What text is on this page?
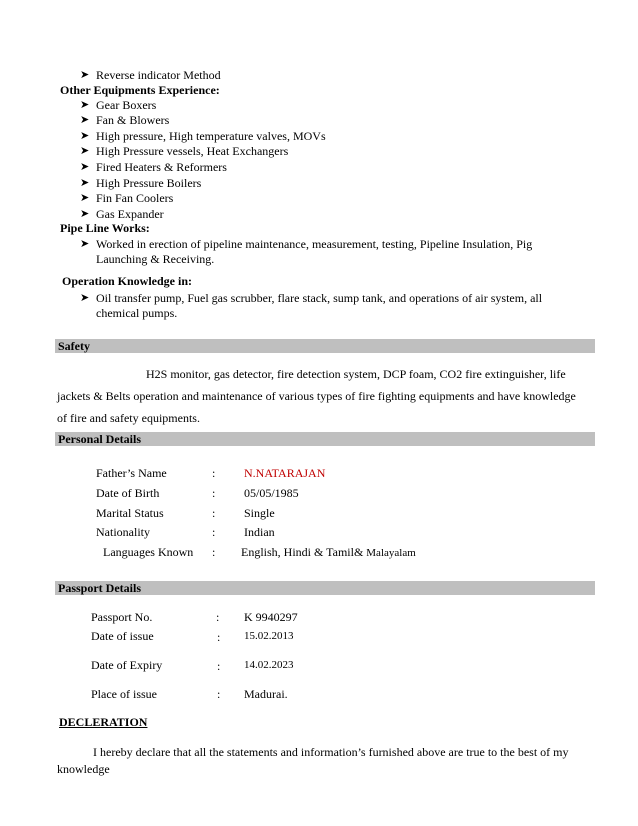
➤ Reverse indicator Method
Other Equipments Experience:
➤ Gear Boxers
➤ Fan & Blowers
➤ High pressure, High temperature valves, MOVs
➤ High Pressure vessels, Heat Exchangers
➤ Fired Heaters & Reformers
➤ High Pressure Boilers
➤ Fin Fan Coolers
➤ Gas Expander
Pipe Line Works:
➤ Worked in erection of pipeline maintenance, measurement, testing, Pipeline Insulation, Pig
Launching & Receiving.
Operation Knowledge in:
➤ Oil transfer pump, Fuel gas scrubber, flare stack, sump tank, and operations of air system, all
chemical pumps.
Safety
H2S monitor, gas detector, fire detection system, DCP foam, CO2 fire extinguisher, life
jackets & Belts operation and maintenance of various types of fire fighting equipments and have knowledge
of fire and safety equipments.
Personal Details
Father’s Name	: N.NATARAJAN
Date of Birth	: 05/05/1985
Marital Status	: Single
Nationality	: Indian
Languages Known : English, Hindi & Tamil& Malayalam
Passport Details
Passport No.	: K 9940297
Date of issue	: 15.02.2013
Date of Expiry	: 14.02.2023
Place of issue	: Madurai.
DECLERATION
I hereby declare that all the statements and information’s furnished above are true to the best of my
knowledge
